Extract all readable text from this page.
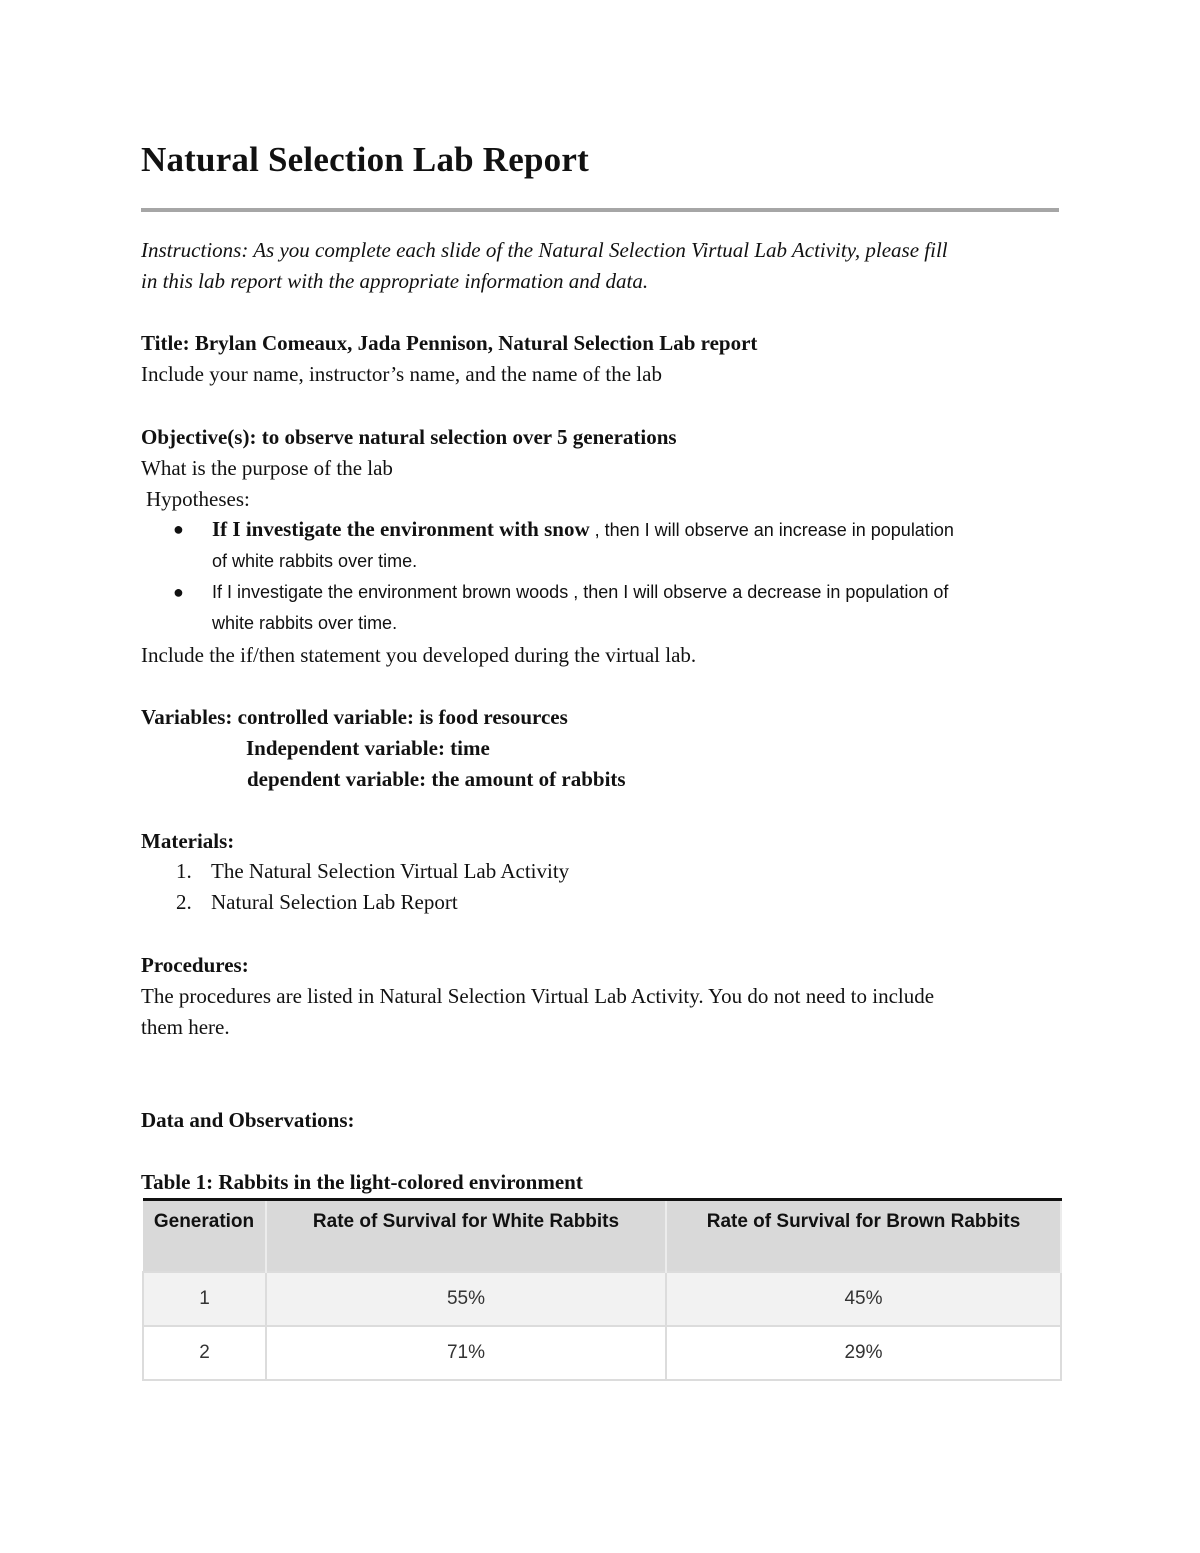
Natural Selection Lab Report
Instructions: As you complete each slide of the Natural Selection Virtual Lab Activity, please fill
in this lab report with the appropriate information and data.
Title: Brylan Comeaux, Jada Pennison, Natural Selection Lab report
Include your name, instructor’s name, and the name of the lab
Objective(s): to observe natural selection over 5 generations
What is the purpose of the lab
Hypotheses:
● If I investigate the environment with snow , then I will observe an increase in population
of white rabbits over time.
● If I investigate the environment brown woods , then I will observe a decrease in population of
white rabbits over time.
Include the if/then statement you developed during the virtual lab.
Variables: controlled variable: is food resources
Independent variable: time
dependent variable: the amount of rabbits
Materials:
1. The Natural Selection Virtual Lab Activity
2. Natural Selection Lab Report
Procedures:
The procedures are listed in Natural Selection Virtual Lab Activity. You do not need to include
them here.
Data and Observations:
Table 1: Rabbits in the light-colored environment
Generation	Rate of Survival for White Rabbits	Rate of Survival for Brown Rabbits
1	55%	45%
2	71%	29%
